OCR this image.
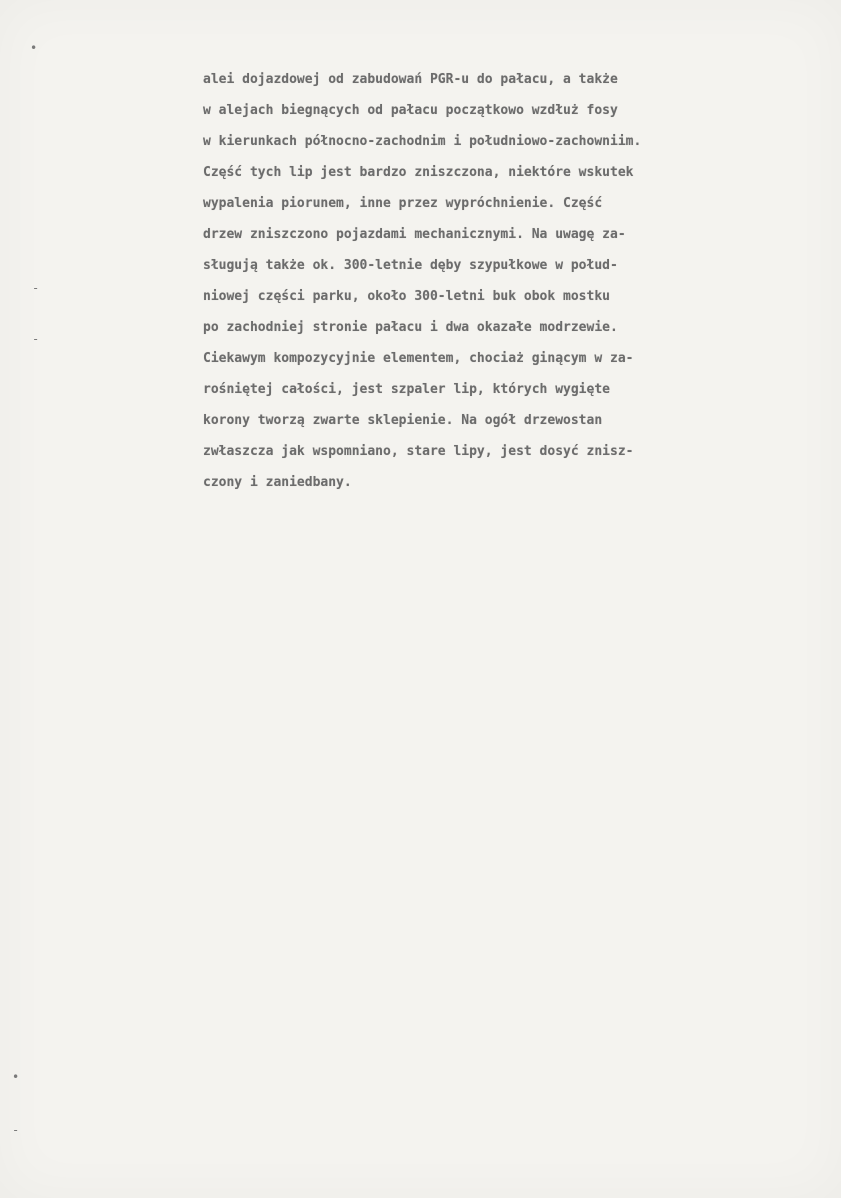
•
-
-
•
-
alei dojazdowej od zabudowań PGR-u do pałacu, a także
w alejach biegnących od pałacu początkowo wzdłuż fosy
w kierunkach północno-zachodnim i południowo-zachowniim.
Część tych lip jest bardzo zniszczona, niektóre wskutek
wypalenia piorunem, inne przez wypróchnienie. Część
drzew zniszczono pojazdami mechanicznymi. Na uwagę za-
sługują także ok. 300-letnie dęby szypułkowe w połud-
niowej części parku, około 300-letni buk obok mostku
po zachodniej stronie pałacu i dwa okazałe modrzewie.
Ciekawym kompozycyjnie elementem, chociaż ginącym w za-
rośniętej całości, jest szpaler lip, których wygięte
korony tworzą zwarte sklepienie. Na ogół drzewostan
zwłaszcza jak wspomniano, stare lipy, jest dosyć znisz-
czony i zaniedbany.
